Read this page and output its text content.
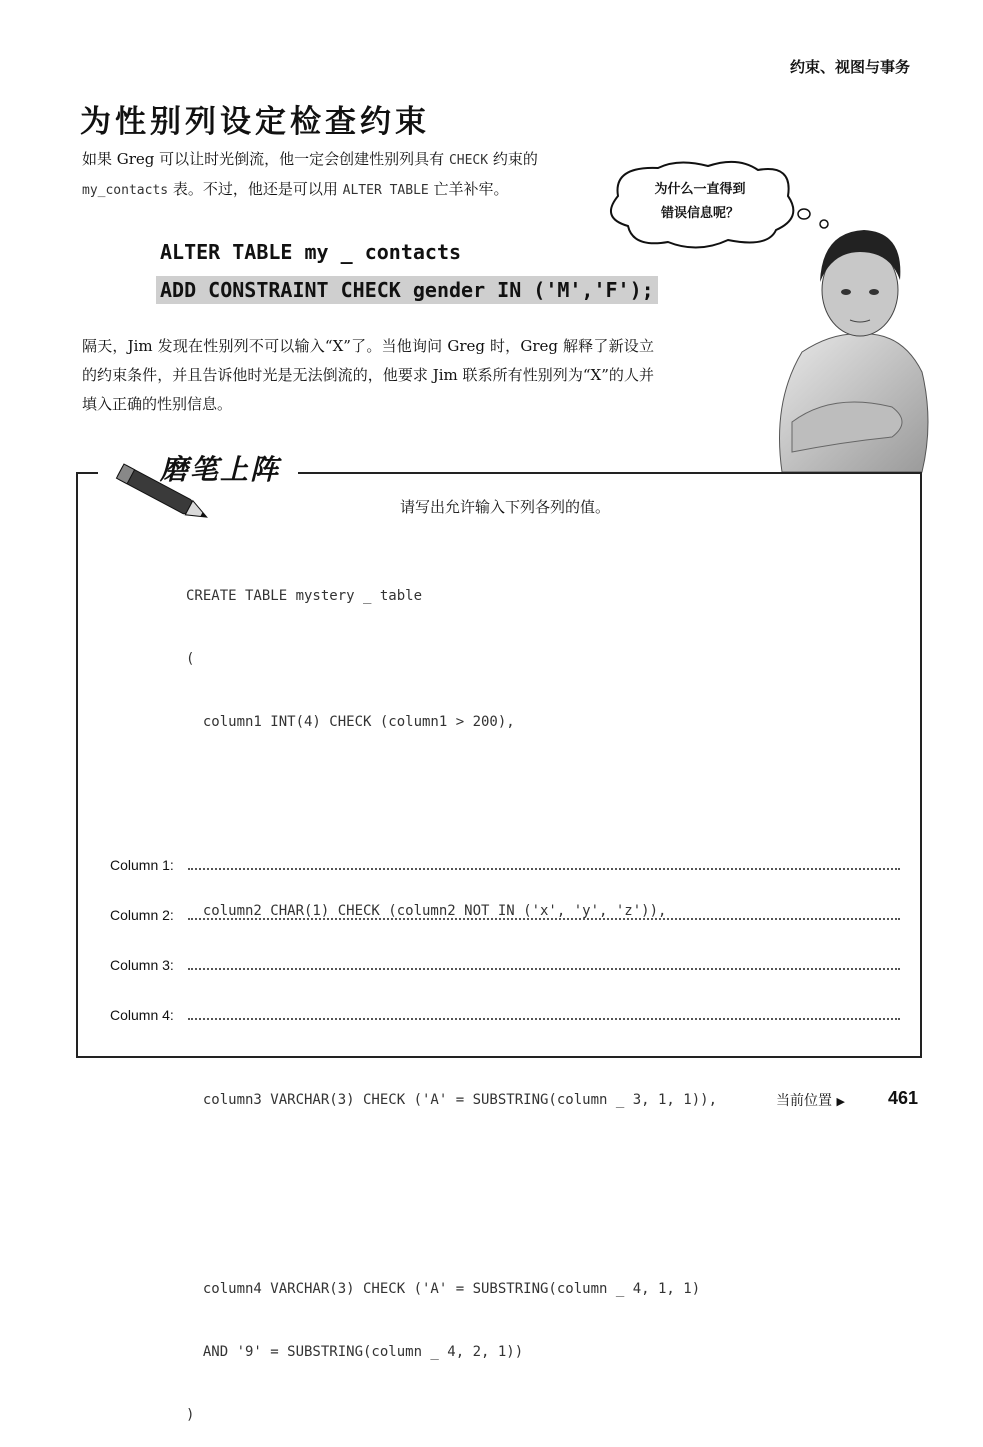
约束、视图与事务
为性别列设定检查约束
如果 Greg 可以让时光倒流，他一定会创建性别列具有 CHECK 约束的 my_contacts 表。不过，他还是可以用 ALTER TABLE 亡羊补牢。
ALTER TABLE my _ contacts
ADD CONSTRAINT CHECK gender IN ('M','F');
为什么一直得到
错误信息呢？
隔天，Jim 发现在性别列不可以输入“X”了。当他询问 Greg 时，Greg 解释了新设立的约束条件，并且告诉他时光是无法倒流的，他要求 Jim 联系所有性别列为“X”的人并填入正确的性别信息。
磨笔上阵
请写出允许输入下列各列的值。

CREATE TABLE mystery _ table

(

column1 INT(4) CHECK (column1 > 200),

column2 CHAR(1) CHECK (column2 NOT IN ('x', 'y', 'z')),

column3 VARCHAR(3) CHECK ('A' = SUBSTRING(column _ 3, 1, 1)),

column4 VARCHAR(3) CHECK ('A' = SUBSTRING(column _ 4, 1, 1)

AND '9' = SUBSTRING(column _ 4, 2, 1))

)

Column 1:
Column 2:
Column 3:
Column 4:
当前位置 ▶ 461
